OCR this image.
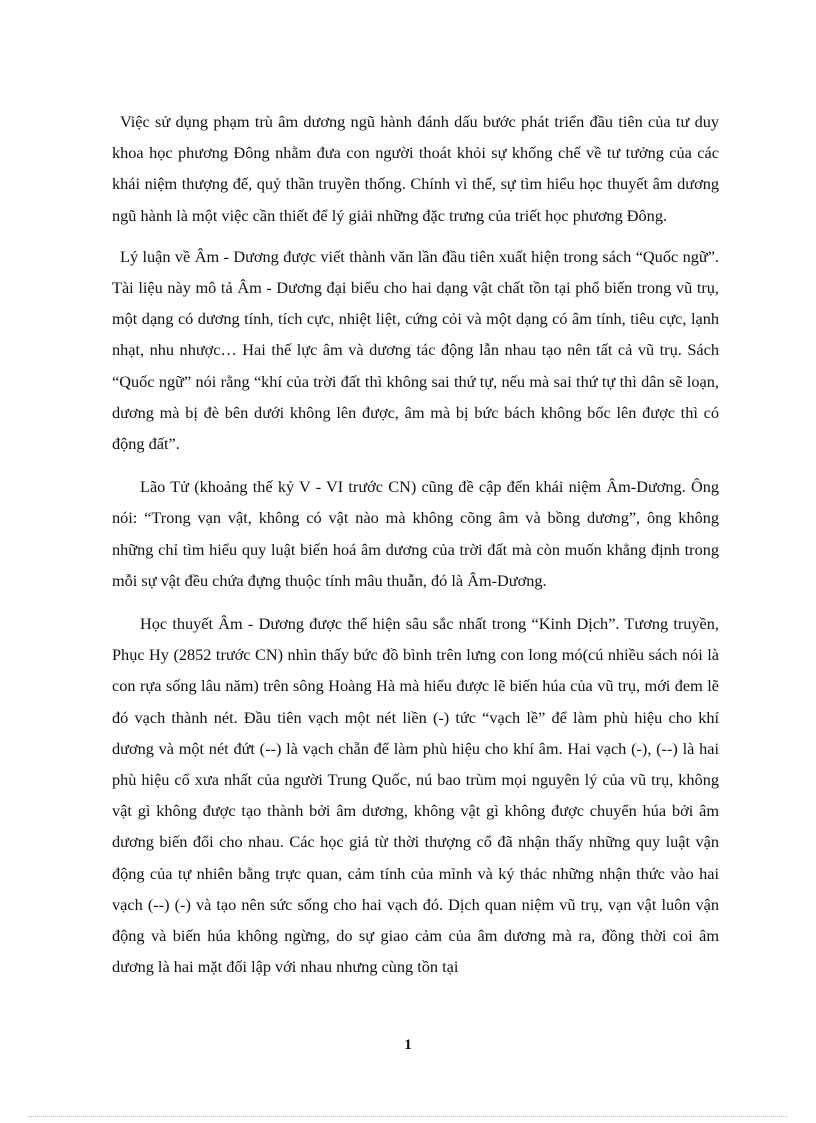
Việc sử dụng phạm trù âm dương ngũ hành đánh dấu bước phát triển đầu tiên của tư duy khoa học phương Đông nhằm đưa con người thoát khỏi sự khống chế về tư tưởng của các khái niệm thượng đế, quỷ thần truyền thống. Chính vì thế, sự tìm hiểu học thuyết âm dương ngũ hành là một việc cần thiết để lý giải những đặc trưng của triết học phương Đông.

Lý luận về Âm - Dương được viết thành văn lần đầu tiên xuất hiện trong sách “Quốc ngữ”. Tài liệu này mô tả Âm - Dương đại biểu cho hai dạng vật chất tồn tại phổ biến trong vũ trụ, một dạng có dương tính, tích cực, nhiệt liệt, cứng cỏi và một dạng có âm tính, tiêu cực, lạnh nhạt, nhu nhược… Hai thế lực âm và dương tác động lẫn nhau tạo nên tất cả vũ trụ. Sách “Quốc ngữ” nói rằng “khí của trời đất thì không sai thứ tự, nếu mà sai thứ tự thì dân sẽ loạn, dương mà bị đè bên dưới không lên được, âm mà bị bức bách không bốc lên được thì có động đất”.

Lão Tử (khoảng thế kỷ V - VI trước CN) cũng đề cập đến khái niệm Âm-Dương. Ông nói: “Trong vạn vật, không có vật nào mà không cõng âm và bồng dương”, ông không những chỉ tìm hiểu quy luật biến hoá âm dương của trời đất mà còn muốn khẳng định trong mỗi sự vật đều chứa đựng thuộc tính mâu thuẫn, đó là Âm-Dương.

Học thuyết Âm - Dương được thể hiện sâu sắc nhất trong “Kinh Dịch”. Tương truyền, Phục Hy (2852 trước CN) nhìn thấy bức đồ bình trên lưng con long mó(cú nhiều sách nói là con rựa sống lâu năm) trên sông Hoàng Hà mà hiểu được lẽ biến húa của vũ trụ, mới đem lẽ đó vạch thành nét. Đầu tiên vạch một nét liền (-) tức “vạch lề” để làm phù hiệu cho khí dương và một nét đứt (--) là vạch chẵn để làm phù hiệu cho khí âm. Hai vạch (-), (--) là hai phù hiệu cổ xưa nhất của người Trung Quốc, nú bao trùm mọi nguyên lý của vũ trụ, không vật gì không được tạo thành bởi âm dương, không vật gì không được chuyển húa bởi âm dương biến đổi cho nhau. Các học giả từ thời thượng cổ đã nhận thấy những quy luật vận động của tự nhiên bằng trực quan, cảm tính của mình và ký thác những nhận thức vào hai vạch (--) (-) và tạo nên sức sống cho hai vạch đó. Dịch quan niệm vũ trụ, vạn vật luôn vận động và biến húa không ngừng, do sự giao cảm của âm dương mà ra, đồng thời coi âm dương là hai mặt đối lập với nhau nhưng cùng tồn tại

1
